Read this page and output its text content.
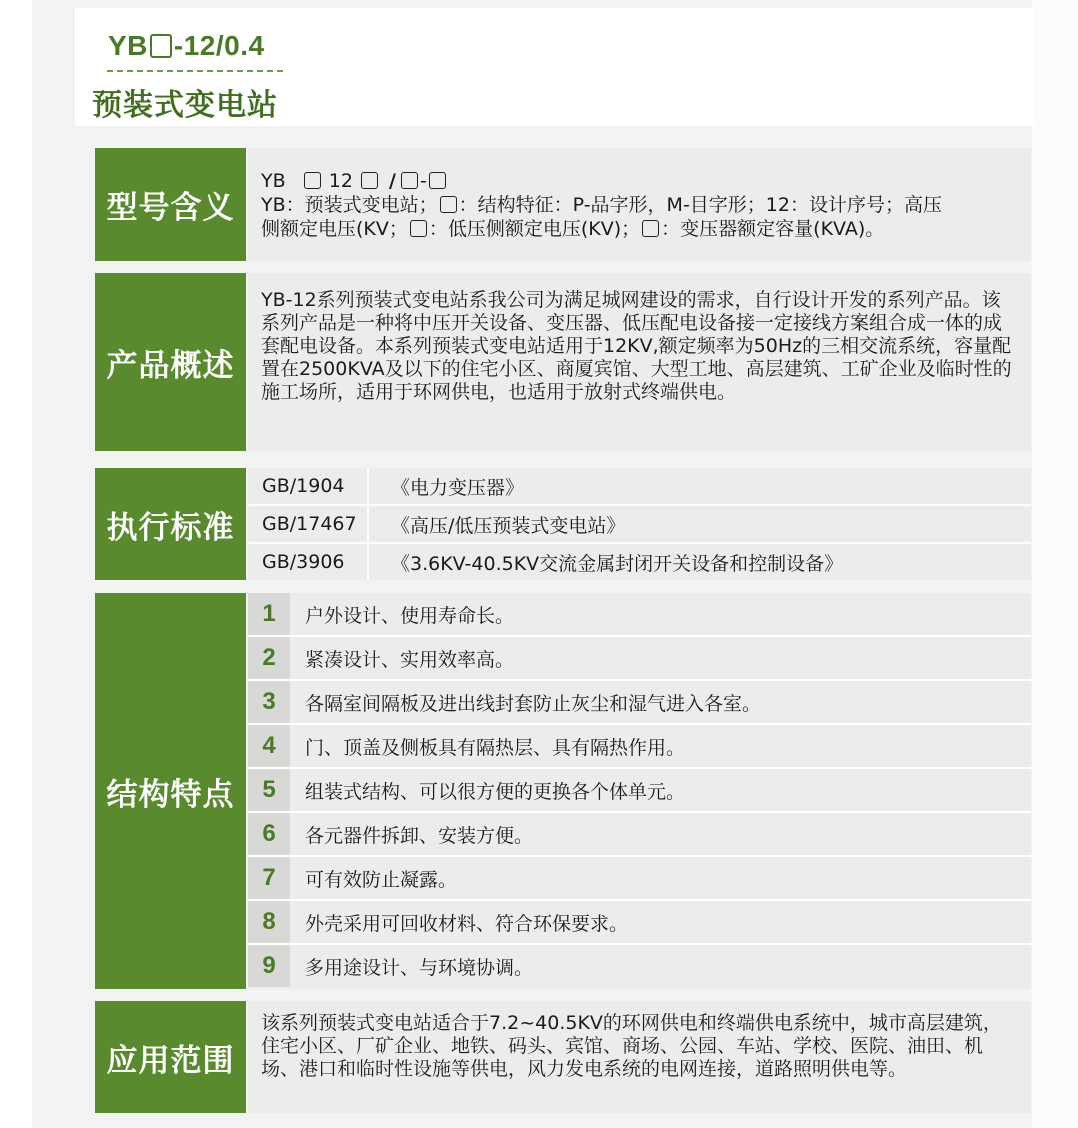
YB -12/0.4
预装式变电站
型号含义
YB 12 / -
YB：预装式变电站； ：结构特征：P-品字形，M-目字形；12：设计序号；高压
侧额定电压(KV； ：低压侧额定电压(KV)； ：变压器额定容量(KVA)。
产品概述
YB-12系列预装式变电站系我公司为满足城网建设的需求，自行设计开发的系列产品。该系列产品是一种将中压开关设备、变压器、低压配电设备接一定接线方案组合成一体的成套配电设备。本系列预装式变电站适用于12KV,额定频率为50Hz的三相交流系统，容量配置在2500KVA及以下的住宅小区、商厦宾馆、大型工地、高层建筑、工矿企业及临时性的施工场所，适用于环网供电，也适用于放射式终端供电。
执行标准
GB/1904	《电力变压器》
GB/17467	《高压/低压预装式变电站》
GB/3906	《3.6KV-40.5KV交流金属封闭开关设备和控制设备》
结构特点
1	户外设计、使用寿命长。
2	紧凑设计、实用效率高。
3	各隔室间隔板及进出线封套防止灰尘和湿气进入各室。
4	门、顶盖及侧板具有隔热层、具有隔热作用。
5	组装式结构、可以很方便的更换各个体单元。
6	各元器件拆卸、安装方便。
7	可有效防止凝露。
8	外壳采用可回收材料、符合环保要求。
9	多用途设计、与环境协调。
应用范围
该系列预装式变电站适合于7.2~40.5KV的环网供电和终端供电系统中，城市高层建筑，住宅小区、厂矿企业、地铁、码头、宾馆、商场、公园、车站、学校、医院、油田、机场、港口和临时性设施等供电，风力发电系统的电网连接，道路照明供电等。
